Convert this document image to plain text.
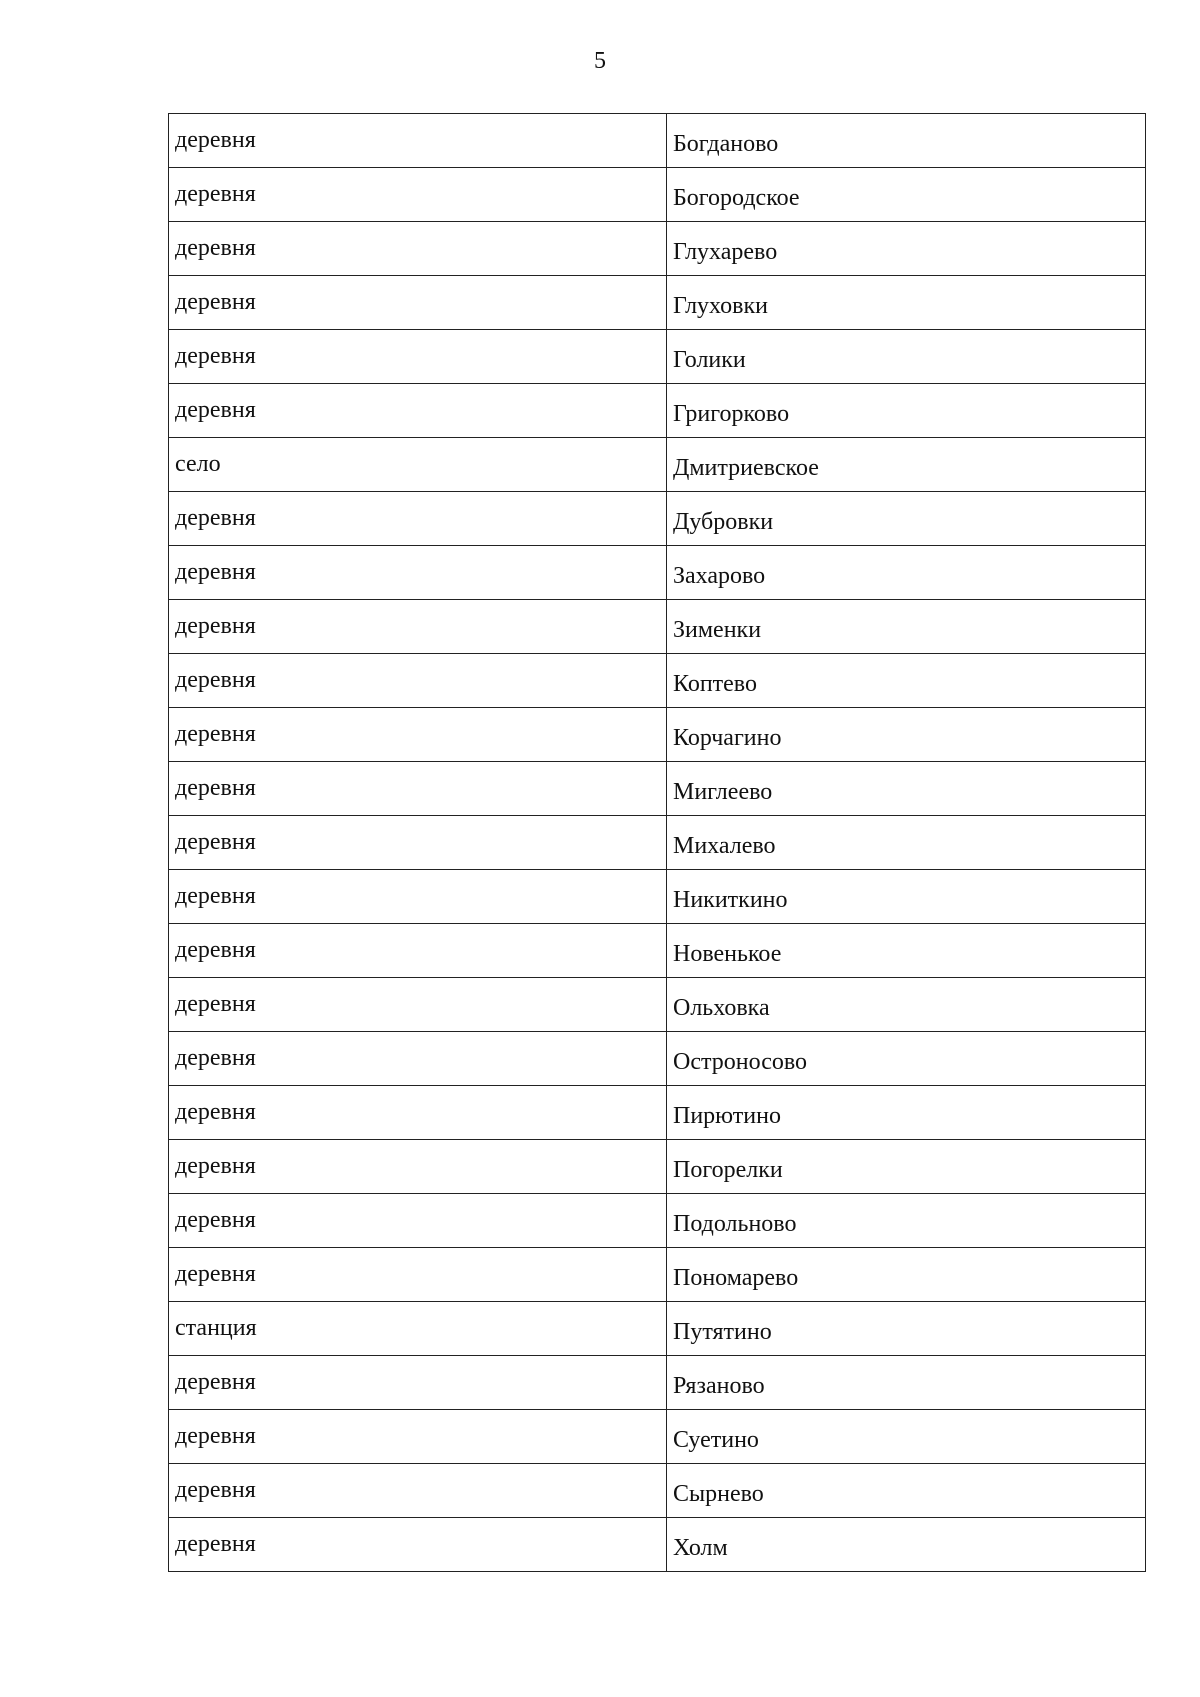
5
деревня	Богданово
деревня	Богородское
деревня	Глухарево
деревня	Глуховки
деревня	Голики
деревня	Григорково
село	Дмитриевское
деревня	Дубровки
деревня	Захарово
деревня	Зименки
деревня	Коптево
деревня	Корчагино
деревня	Миглеево
деревня	Михалево
деревня	Никиткино
деревня	Новенькое
деревня	Ольховка
деревня	Остроносово
деревня	Пирютино
деревня	Погорелки
деревня	Подольново
деревня	Пономарево
станция	Путятино
деревня	Рязаново
деревня	Суетино
деревня	Сырнево
деревня	Холм
